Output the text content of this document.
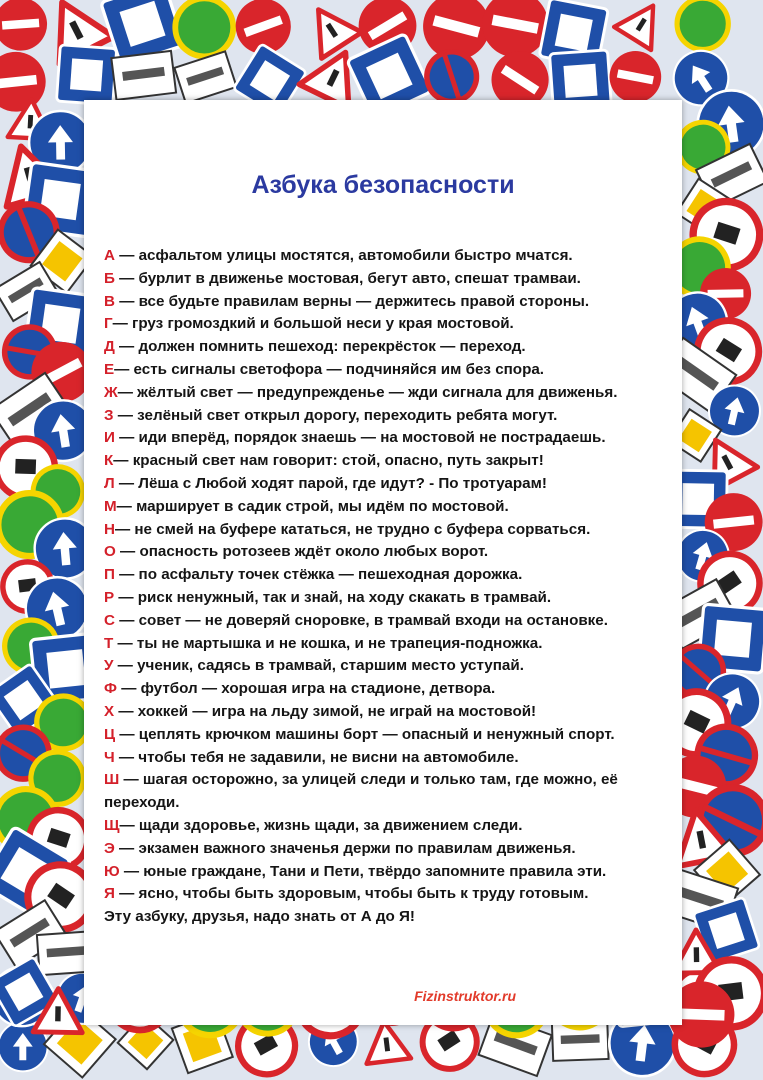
Азбука безопасности
А — асфальтом улицы мостятся, автомобили быстро мчатся.
Б — бурлит в движенье мостовая, бегут авто, спешат трамваи.
В — все будьте правилам верны — держитесь правой стороны.
Г— груз громоздкий и большой неси у края мостовой.
Д — должен помнить пешеход: перекрёсток — переход.
Е— есть сигналы светофора — подчиняйся им без спора.
Ж— жёлтый свет — предупрежденье — жди сигнала для движенья.
З — зелёный свет открыл дорогу, переходить ребята могут.
И — иди вперёд, порядок знаешь — на мостовой не пострадаешь.
К— красный свет нам говорит: стой, опасно, путь закрыт!
Л — Лёша с Любой ходят парой, где идут? - По тротуарам!
М— марширует в садик строй, мы идём по мостовой.
Н— не смей на буфере кататься, не трудно с буфера сорваться.
О — опасность ротозеев ждёт около любых ворот.
П — по асфальту точек стёжка — пешеходная дорожка.
Р — риск ненужный, так и знай, на ходу скакать в трамвай.
С — совет — не доверяй сноровке, в трамвай входи на остановке.
Т — ты не мартышка и не кошка, и не трапеция-подножка.
У — ученик, садясь в трамвай, старшим место уступай.
Ф — футбол — хорошая игра на стадионе, детвора.
Х — хоккей — игра на льду зимой, не играй на мостовой!
Ц — цеплять крючком машины борт — опасный и ненужный спорт.
Ч — чтобы тебя не задавили, не висни на автомобиле.
Ш — шагая осторожно, за улицей следи и только там, где можно, её переходи.
Щ— щади здоровье, жизнь щади, за движением следи.
Э — экзамен важного значенья держи по правилам движенья.
Ю — юные граждане, Тани и Пети, твёрдо запомните правила эти.
Я — ясно, чтобы быть здоровым, чтобы быть к труду готовым.
Эту азбуку, друзья, надо знать от А до Я!
Fizinstruktor.ru
